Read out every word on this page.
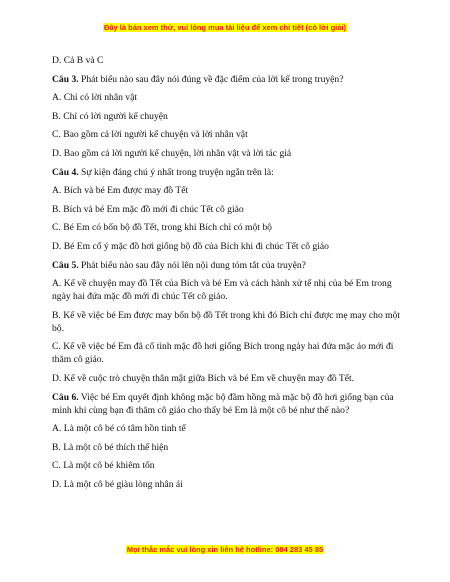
Đây là bản xem thử, vui lòng mua tài liệu để xem chi tiết (có lời giải)

D. Cả B và C

Câu 3. Phát biểu nào sau đây nói đúng về đặc điểm của lời kể trong truyện?

A. Chỉ có lời nhân vật

B. Chỉ có lời người kể chuyện

C. Bao gồm cả lời người kể chuyện và lời nhân vật

D. Bao gồm cả lời người kể chuyện, lời nhân vật và lời tác giả

Câu 4. Sự kiện đáng chú ý nhất trong truyện ngắn trên là:

A. Bích và bé Em được may đồ Tết

B. Bích và bé Em mặc đồ mới đi chúc Tết cô giáo

C. Bé Em có bốn bộ đồ Tết, trong khi Bích chỉ có một bộ

D. Bé Em cố ý mặc đồ hơi giống bộ đồ của Bích khi đi chúc Tết cô giáo

Câu 5. Phát biểu nào sau đây nói lên nội dung tóm tắt của truyện?

A. Kể về chuyện may đồ Tết của Bích và bé Em và cách hành xử tế nhị của bé Em trong ngày hai đứa mặc đồ mới đi chúc Tết cô giáo.

B. Kể về việc bé Em được may bốn bộ đồ Tết trong khi đó Bích chỉ được mẹ may cho một bộ.

C. Kể về việc bé Em đã cố tình mặc đồ hơi giống Bích trong ngày hai đứa mặc áo mới đi thăm cô giáo.

D. Kể về cuộc trò chuyện thân mật giữa Bích và bé Em về chuyện may đồ Tết.

Câu 6. Việc bé Em quyết định không mặc bộ đầm hồng mà mặc bộ đồ hơi giống bạn của mình khi cùng bạn đi thăm cô giáo cho thấy bé Em là một cô bé như thế nào?

A. Là một cô bé có tâm hồn tinh tế

B. Là một cô bé thích thể hiện

C. Là một cô bé khiêm tốn

D. Là một cô bé giàu lòng nhân ái

Mọi thắc mắc vui lòng xin liên hệ hotline: 084 283 45 85
